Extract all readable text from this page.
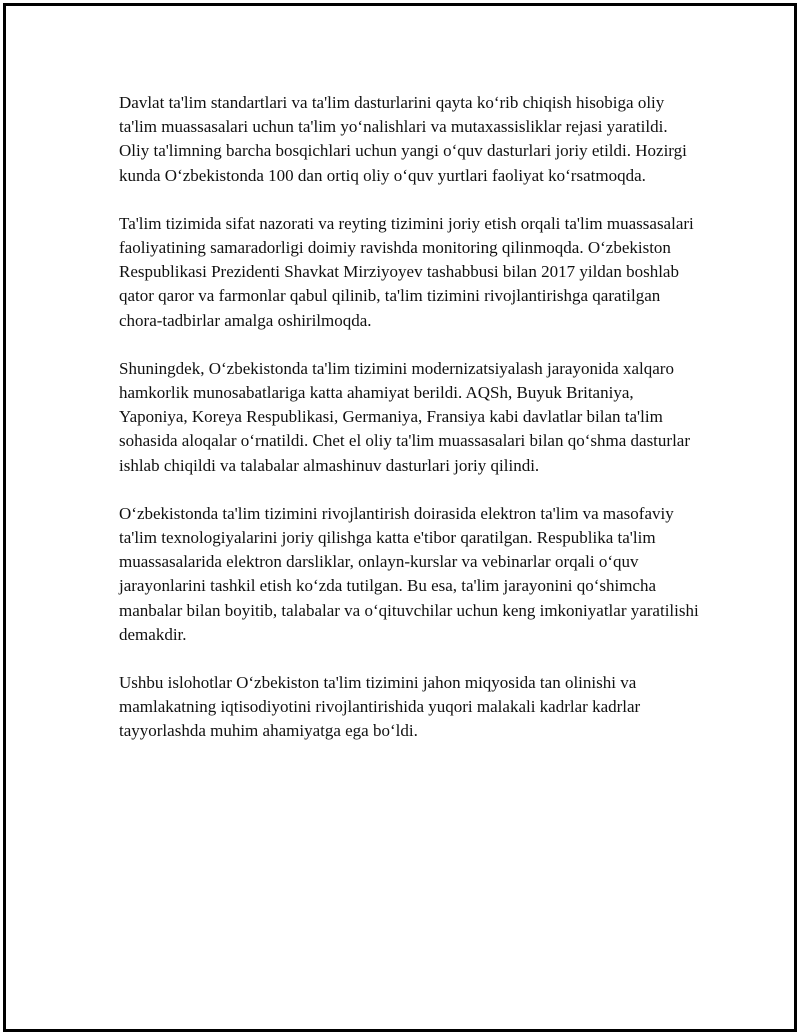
Davlat ta'lim standartlari va ta'lim dasturlarini qayta ko‘rib chiqish hisobiga oliy ta'lim muassasalari uchun ta'lim yo‘nalishlari va mutaxassisliklar rejasi yaratildi. Oliy ta'limning barcha bosqichlari uchun yangi o‘quv dasturlari joriy etildi. Hozirgi kunda O‘zbekistonda 100 dan ortiq oliy o‘quv yurtlari faoliyat ko‘rsatmoqda.

Ta'lim tizimida sifat nazorati va reyting tizimini joriy etish orqali ta'lim muassasalari faoliyatining samaradorligi doimiy ravishda monitoring qilinmoqda. O‘zbekiston Respublikasi Prezidenti Shavkat Mirziyoyev tashabbusi bilan 2017 yildan boshlab qator qaror va farmonlar qabul qilinib, ta'lim tizimini rivojlantirishga qaratilgan chora-tadbirlar amalga oshirilmoqda.

Shuningdek, O‘zbekistonda ta'lim tizimini modernizatsiyalash jarayonida xalqaro hamkorlik munosabatlariga katta ahamiyat berildi. AQSh, Buyuk Britaniya, Yaponiya, Koreya Respublikasi, Germaniya, Fransiya kabi davlatlar bilan ta'lim sohasida aloqalar o‘rnatildi. Chet el oliy ta'lim muassasalari bilan qo‘shma dasturlar ishlab chiqildi va talabalar almashinuv dasturlari joriy qilindi.

O‘zbekistonda ta'lim tizimini rivojlantirish doirasida elektron ta'lim va masofaviy ta'lim texnologiyalarini joriy qilishga katta e'tibor qaratilgan. Respublika ta'lim muassasalarida elektron darsliklar, onlayn-kurslar va vebinarlar orqali o‘quv jarayonlarini tashkil etish ko‘zda tutilgan. Bu esa, ta'lim jarayonini qo‘shimcha manbalar bilan boyitib, talabalar va o‘qituvchilar uchun keng imkoniyatlar yaratilishi demakdir.

Ushbu islohotlar O‘zbekiston ta'lim tizimini jahon miqyosida tan olinishi va mamlakatning iqtisodiyotini rivojlantirishida yuqori malakali kadrlar kadrlar tayyorlashda muhim ahamiyatga ega bo‘ldi.
